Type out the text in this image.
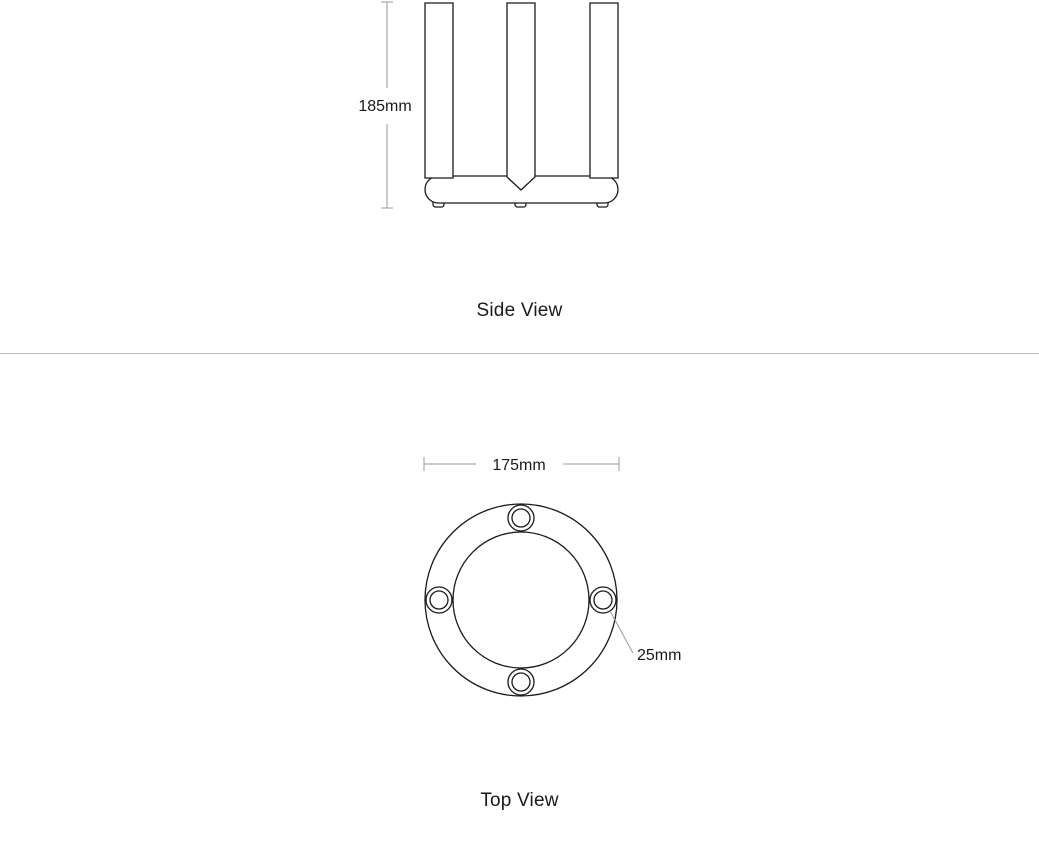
185mm
Side View
175mm
25mm
Top View
